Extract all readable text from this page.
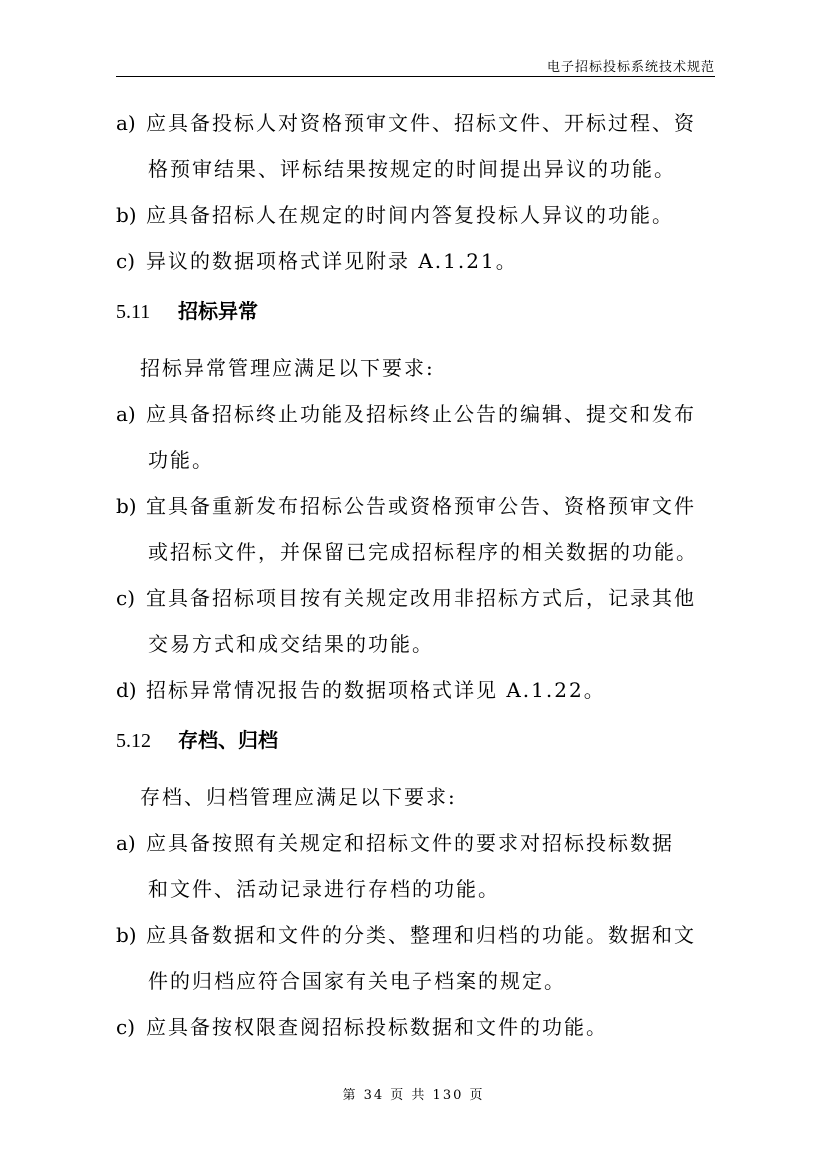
电子招标投标系统技术规范
a) 应具备投标人对资格预审文件、招标文件、开标过程、资
格预审结果、评标结果按规定的时间提出异议的功能。
b) 应具备招标人在规定的时间内答复投标人异议的功能。
c) 异议的数据项格式详见附录 A.1.21。
5.11 招标异常
招标异常管理应满足以下要求:
a) 应具备招标终止功能及招标终止公告的编辑、提交和发布
功能。
b) 宜具备重新发布招标公告或资格预审公告、资格预审文件
或招标文件，并保留已完成招标程序的相关数据的功能。
c) 宜具备招标项目按有关规定改用非招标方式后，记录其他
交易方式和成交结果的功能。
d) 招标异常情况报告的数据项格式详见 A.1.22。
5.12 存档、归档
存档、归档管理应满足以下要求:
a) 应具备按照有关规定和招标文件的要求对招标投标数据
和文件、活动记录进行存档的功能。
b) 应具备数据和文件的分类、整理和归档的功能。数据和文
件的归档应符合国家有关电子档案的规定。
c) 应具备按权限查阅招标投标数据和文件的功能。
第 34 页 共 130 页
